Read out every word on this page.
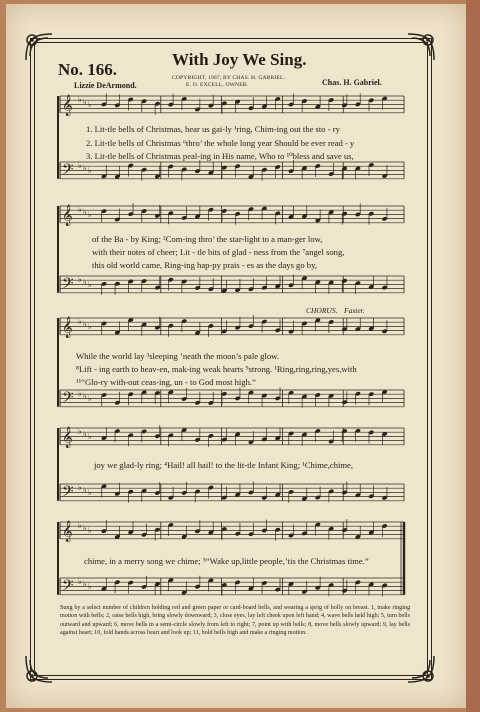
No. 166.
With Joy We Sing.
COPYRIGHT, 1907, BY CHAS. H. GABRIEL.
E. O. EXCELL, OWNER.
Lizzie DeArmond.	Chas. H. Gabriel.
𝄞 ♭ ♭ ♭
𝄢 ♭ ♭ ♭
𝄞 ♭ ♭ ♭
𝄢 ♭ ♭ ♭
𝄞 ♭ ♭ ♭
𝄢 ♭ ♭ ♭
𝄞 ♭ ♭ ♭
𝄢 ♭ ♭ ♭
𝄞 ♭ ♭ ♭
𝄢 ♭ ♭ ♭
1. Lit-tle bells of Christmas, hear us gai-ly ¹ring, Chim-ing out the sto - ry
2. Lit-tle bells of Christmas ⁶thro’ the whole long year Should be ever read - y
3. Lit-tle bells of Christmas peal-ing in His name, Who to ¹⁰bless and save us,
of the Ba - by King; ²Com-ing thro’ the star-light to a man-ger low,
with their notes of cheer; Lit - tle bits of glad - ness from the ⁷angel song,
this old world came, Ring-ing hap-py prais - es as the days go by,
CHORUS. Faster.
While the world lay ³sleeping ’neath the moon’s pale glow.
⁸Lift - ing earth to heav-en, mak-ing weak hearts ⁹strong. ¹Ring,ring,ring,yes,with
¹¹“Glo-ry with-out ceas-ing, un - to God most high.”
joy we glad-ly ring; ⁴Hail! all hail! to the lit-tle Infant King; ¹Chime,chime,
chime, in a merry song we chime; ⁵“Wake up,little people,’tis the Christmas time.”
Sung by a select number of children holding red and green paper or card-board bells, and wearing a sprig of holly on breast. 1, make ringing motion with bells; 2, raise bells high, bring slowly downward; 3, close eyes, lay left cheek upon left hand; 4, wave bells held high; 5, turn bells outward and upward; 6, move bells in a semi-circle slowly from left to right; 7, point up with bells; 8, move bells slowly upward; 9, lay bells against heart; 10, fold hands across heart and look up; 11, hold bells high and make a ringing motion.
